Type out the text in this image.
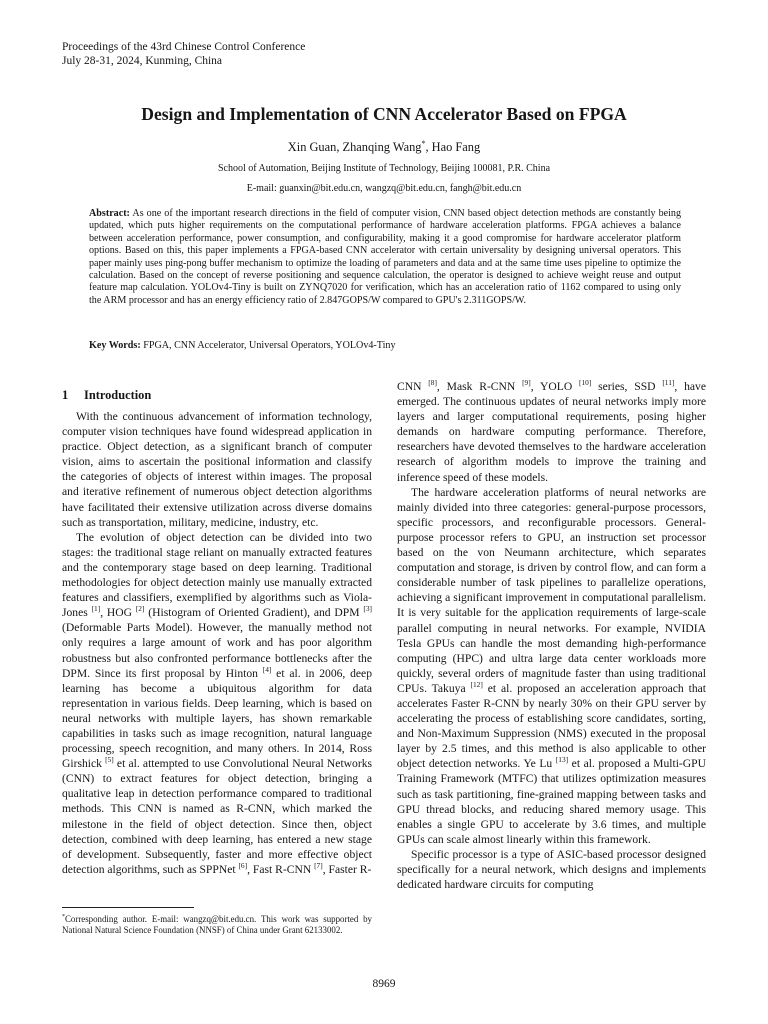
Proceedings of the 43rd Chinese Control Conference
July 28-31, 2024, Kunming, China
Design and Implementation of CNN Accelerator Based on FPGA
Xin Guan, Zhanqing Wang*, Hao Fang
School of Automation, Beijing Institute of Technology, Beijing 100081, P.R. China
E-mail: guanxin@bit.edu.cn, wangzq@bit.edu.cn, fangh@bit.edu.cn
Abstract: As one of the important research directions in the field of computer vision, CNN based object detection methods are constantly being updated, which puts higher requirements on the computational performance of hardware acceleration platforms. FPGA achieves a balance between acceleration performance, power consumption, and configurability, making it a good compromise for hardware accelerator platform options. Based on this, this paper implements a FPGA-based CNN accelerator with certain universality by designing universal operators. This paper mainly uses ping-pong buffer mechanism to optimize the loading of parameters and data and at the same time uses pipeline to optimize the calculation. Based on the concept of reverse positioning and sequence calculation, the operator is designed to achieve weight reuse and output feature map calculation. YOLOv4-Tiny is built on ZYNQ7020 for verification, which has an acceleration ratio of 1162 compared to using only the ARM processor and has an energy efficiency ratio of 2.847GOPS/W compared to GPU's 2.311GOPS/W.
Key Words: FPGA, CNN Accelerator, Universal Operators, YOLOv4-Tiny
1 Introduction

With the continuous advancement of information technology, computer vision techniques have found widespread application in practice. Object detection, as a significant branch of computer vision, aims to ascertain the positional information and classify the categories of objects of interest within images. The proposal and iterative refinement of numerous object detection algorithms have facilitated their extensive utilization across diverse domains such as transportation, military, medicine, industry, etc.

The evolution of object detection can be divided into two stages: the traditional stage reliant on manually extracted features and the contemporary stage based on deep learning. Traditional methodologies for object detection mainly use manually extracted features and classifiers, exemplified by algorithms such as Viola-Jones [1], HOG [2] (Histogram of Oriented Gradient), and DPM [3] (Deformable Parts Model). However, the manually method not only requires a large amount of work and has poor algorithm robustness but also confronted performance bottlenecks after the DPM. Since its first proposal by Hinton [4] et al. in 2006, deep learning has become a ubiquitous algorithm for data representation in various fields. Deep learning, which is based on neural networks with multiple layers, has shown remarkable capabilities in tasks such as image recognition, natural language processing, speech recognition, and many others. In 2014, Ross Girshick [5] et al. attempted to use Convolutional Neural Networks (CNN) to extract features for object detection, bringing a qualitative leap in detection performance compared to traditional methods. This CNN is named as R-CNN, which marked the milestone in the field of object detection. Since then, object detection, combined with deep learning, has entered a new stage of development. Subsequently, faster and more effective object detection algorithms, such as SPPNet [6], Fast R-CNN [7], Faster R-

CNN [8], Mask R-CNN [9], YOLO [10] series, SSD [11], have emerged. The continuous updates of neural networks imply more layers and larger computational requirements, posing higher demands on hardware computing performance. Therefore, researchers have devoted themselves to the hardware acceleration research of algorithm models to improve the training and inference speed of these models.

The hardware acceleration platforms of neural networks are mainly divided into three categories: general-purpose processors, specific processors, and reconfigurable processors. General-purpose processor refers to GPU, an instruction set processor based on the von Neumann architecture, which separates computation and storage, is driven by control flow, and can form a considerable number of task pipelines to parallelize operations, achieving a significant improvement in computational parallelism. It is very suitable for the application requirements of large-scale parallel computing in neural networks. For example, NVIDIA Tesla GPUs can handle the most demanding high-performance computing (HPC) and ultra large data center workloads more quickly, several orders of magnitude faster than using traditional CPUs. Takuya [12] et al. proposed an acceleration approach that accelerates Faster R-CNN by nearly 30% on their GPU server by accelerating the process of establishing score candidates, sorting, and Non-Maximum Suppression (NMS) executed in the proposal layer by 2.5 times, and this method is also applicable to other object detection networks. Ye Lu [13] et al. proposed a Multi-GPU Training Framework (MTFC) that utilizes optimization measures such as task partitioning, fine-grained mapping between tasks and GPU thread blocks, and reducing shared memory usage. This enables a single GPU to accelerate by 3.6 times, and multiple GPUs can scale almost linearly within this framework.

Specific processor is a type of ASIC-based processor designed specifically for a neural network, which designs and implements dedicated hardware circuits for computing

*Corresponding author. E-mail: wangzq@bit.edu.cn. This work was supported by National Natural Science Foundation (NNSF) of China under Grant 62133002.
8969
